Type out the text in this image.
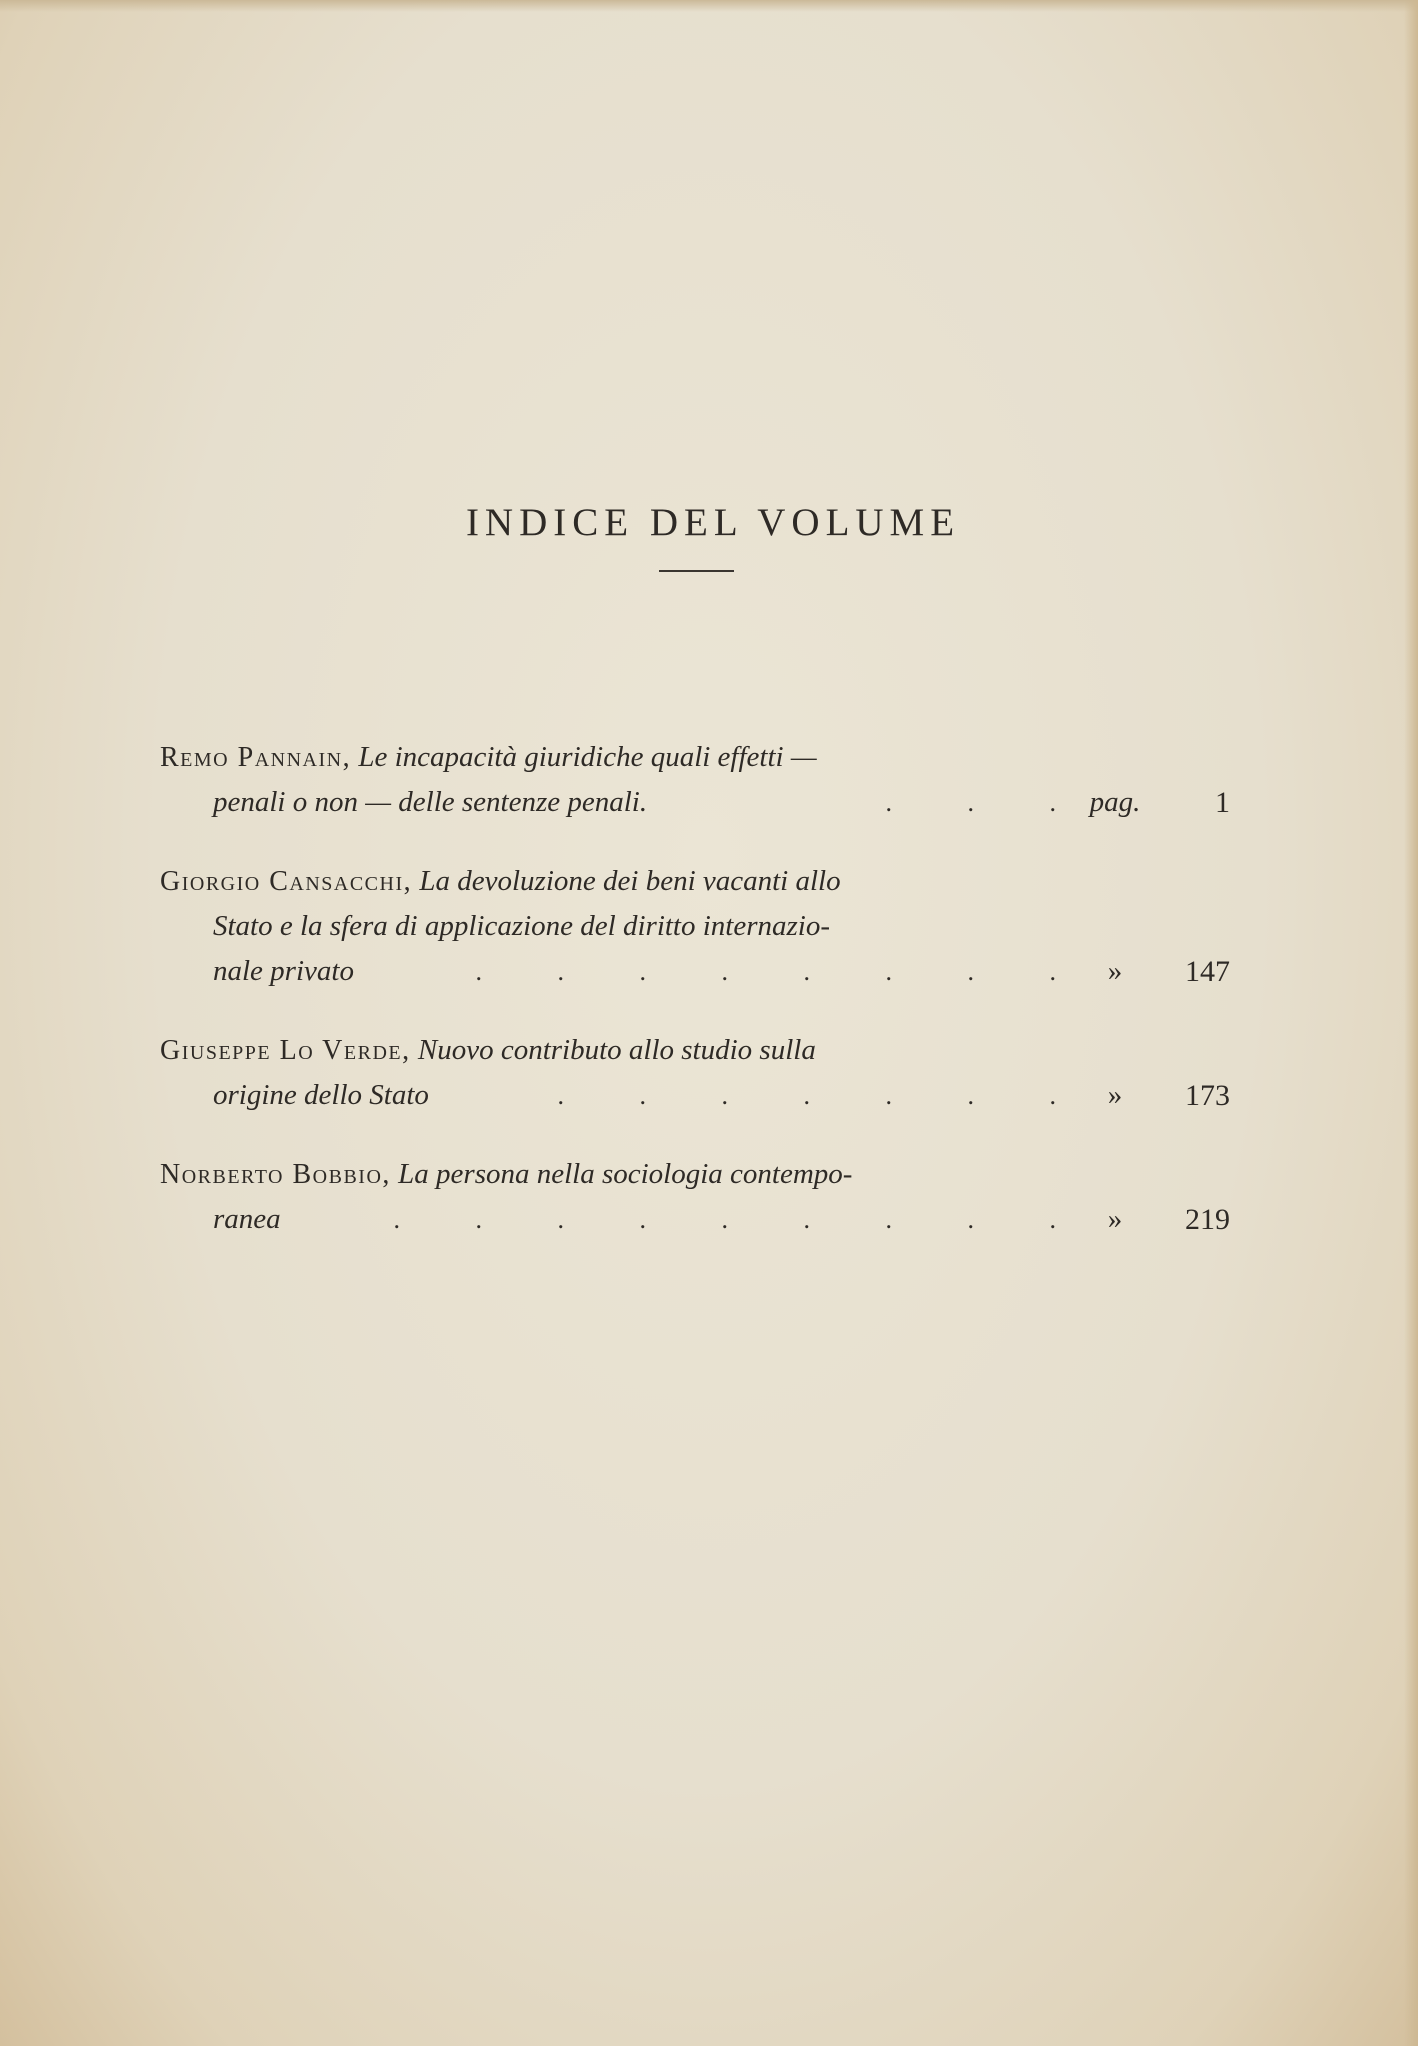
INDICE DEL VOLUME
Remo Pannain, Le incapacità giuridiche quali effetti —
penali o non — delle sentenze penali.	.	.	.	pag.	1
Giorgio Cansacchi, La devoluzione dei beni vacanti allo
Stato e la sfera di applicazione del diritto internazio-
nale privato	.	.	.	.	.	.	.	.	»	147
Giuseppe Lo Verde, Nuovo contributo allo studio sulla
origine dello Stato	.	.	.	.	.	.	.	»	173
Norberto Bobbio, La persona nella sociologia contempo-
ranea	.	.	.	.	.	.	.	.	.	»	219
